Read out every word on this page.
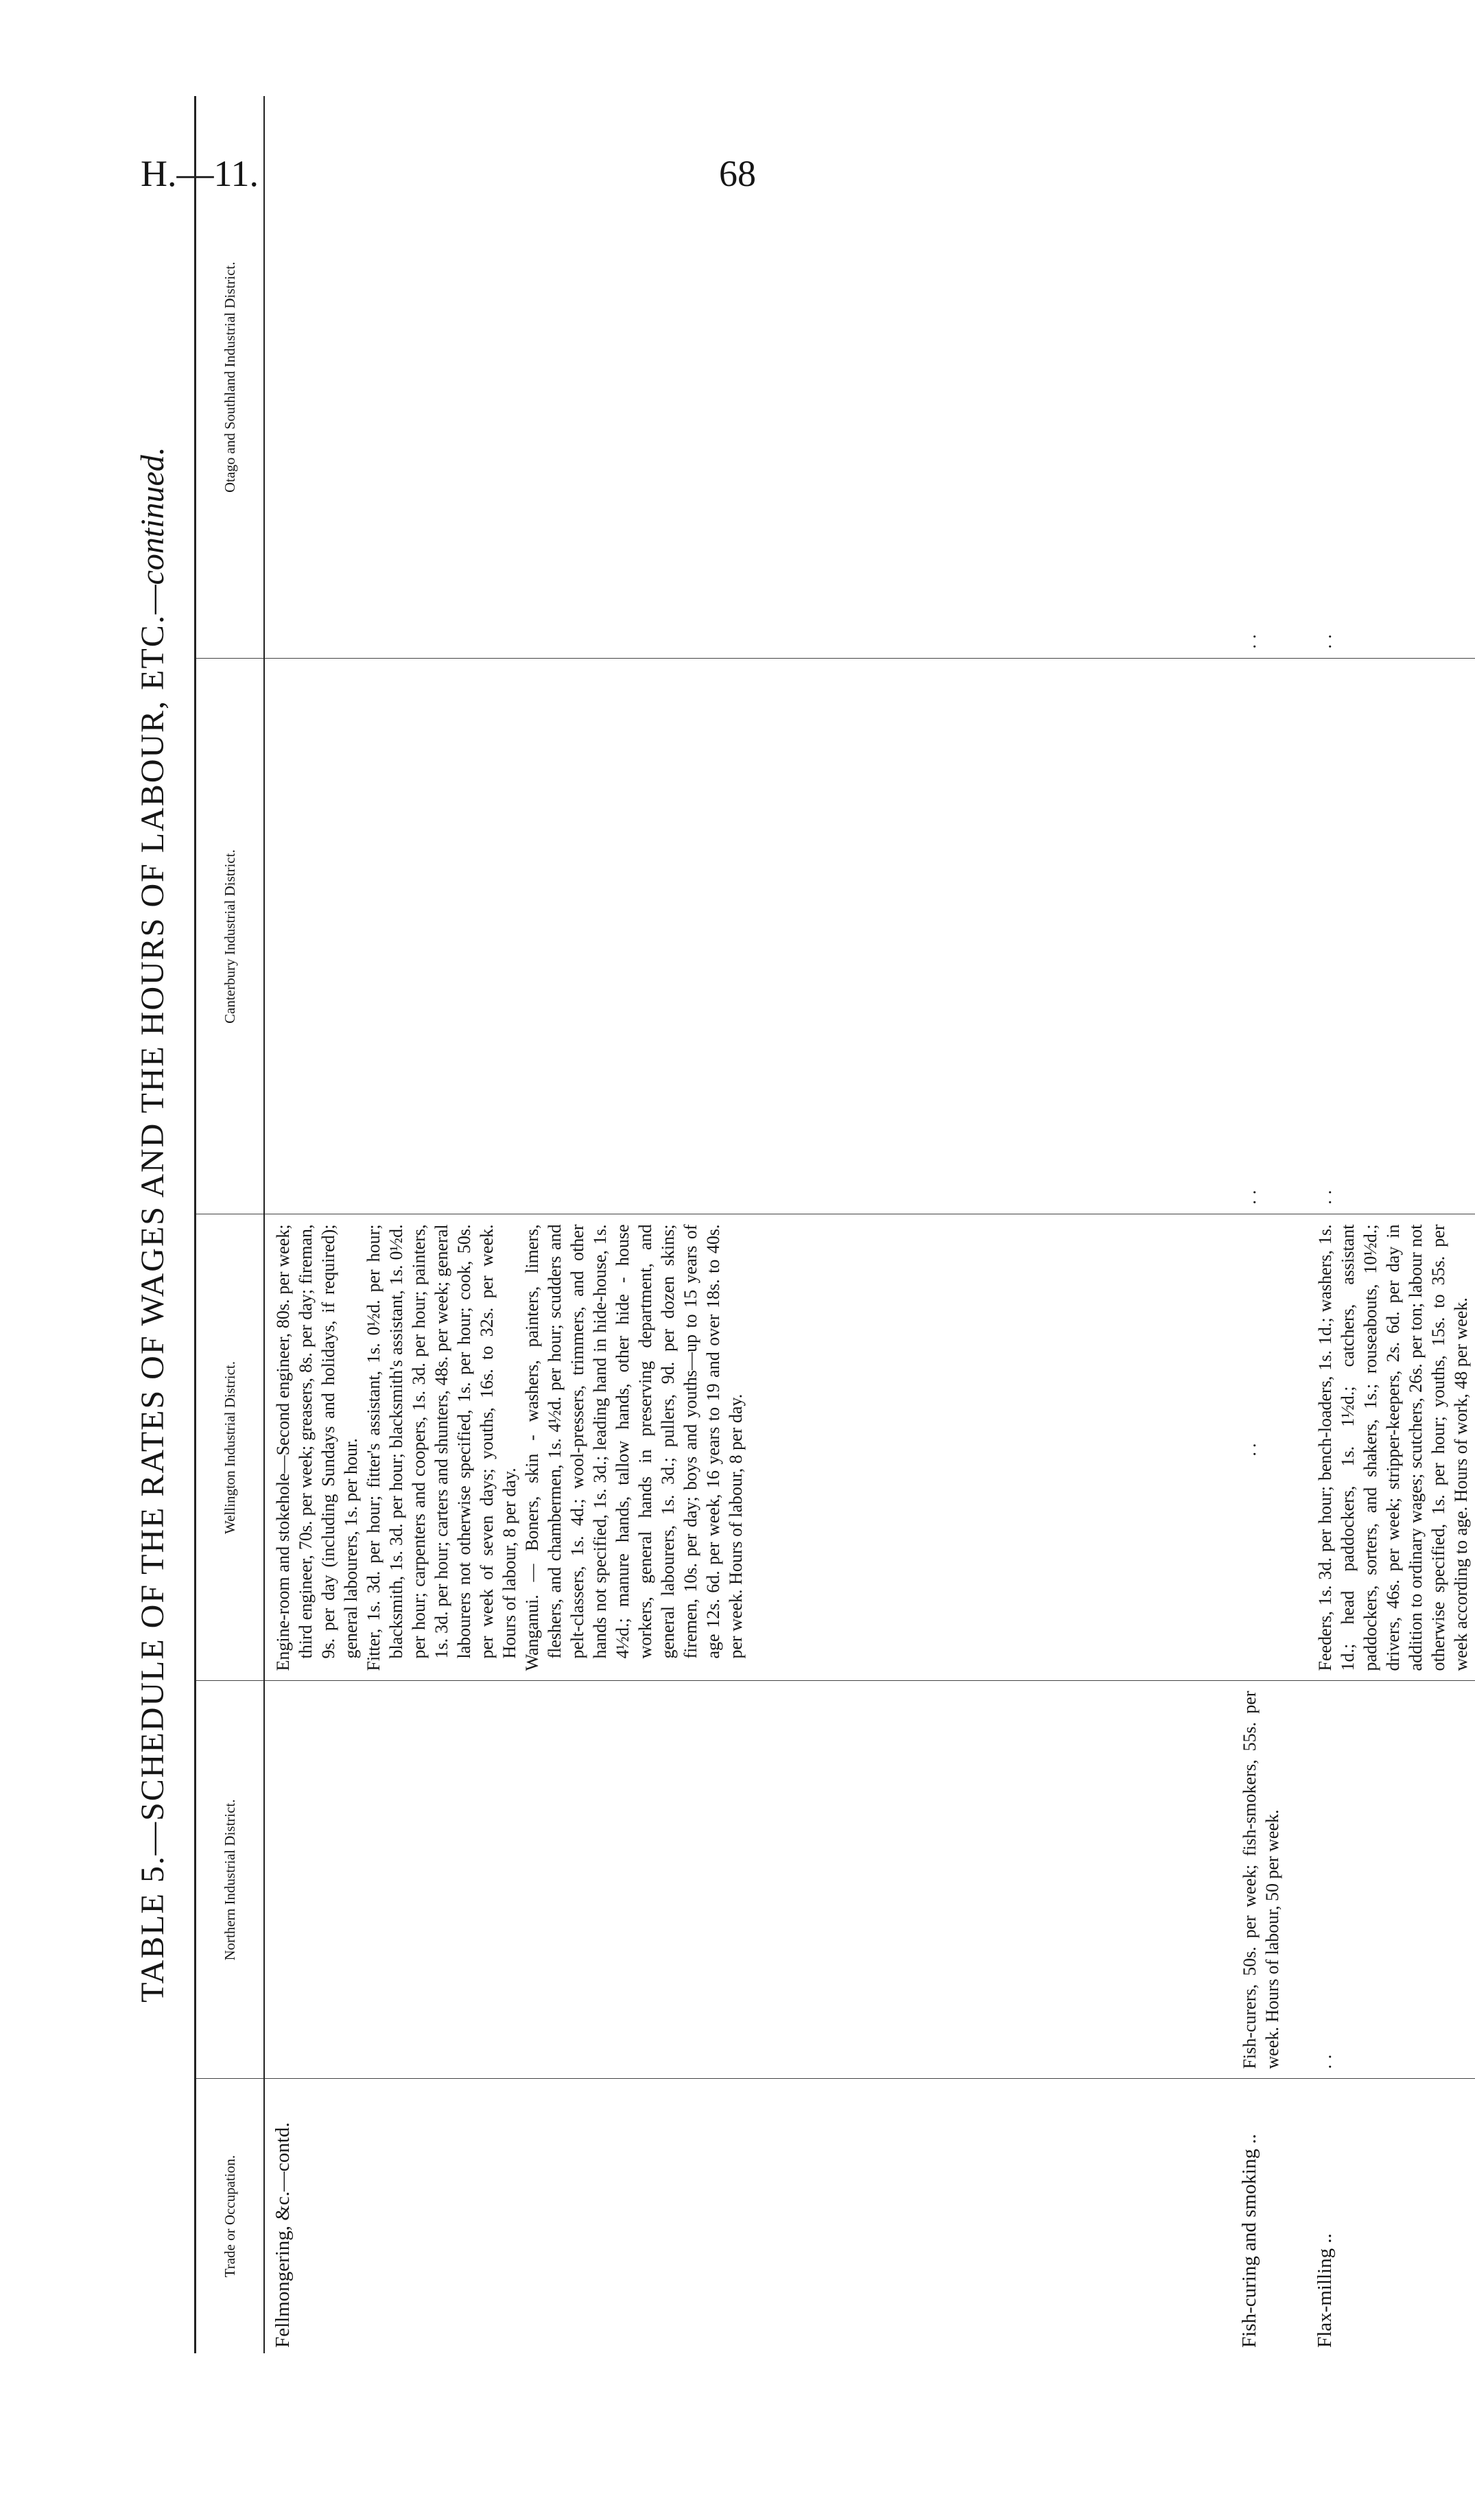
H.—11.	68
TABLE 5.—SCHEDULE OF THE RATES OF WAGES AND THE HOURS OF LABOUR, ETC.—continued.
Trade or Occupation.	Northern Industrial District.	Wellington Industrial District.	Canterbury Industrial District.	Otago and Southland Industrial District.
Fellmongering, &c.—contd.		Engine-room and stokehole—Second engineer, 80s. per week; third engineer, 70s. per week; greasers, 8s. per day; fireman, 9s. per day (including Sundays and holidays, if required); general labourers, 1s. per hour. Fitter, 1s. 3d. per hour; fitter's assistant, 1s. 0½d. per hour; blacksmith, 1s. 3d. per hour; blacksmith's assistant, 1s. 0½d. per hour; carpenters and coopers, 1s. 3d. per hour; painters, 1s. 3d. per hour; carters and shunters, 48s. per week; general labourers not otherwise specified, 1s. per hour; cook, 50s. per week of seven days; youths, 16s. to 32s. per week. Hours of labour, 8 per day. Wanganui. — Boners, skin - washers, painters, limers, fleshers, and chambermen, 1s. 4½d. per hour; scudders and pelt-classers, 1s. 4d.; wool-pressers, trimmers, and other hands not specified, 1s. 3d.; leading hand in hide-house, 1s. 4½d.; manure hands, tallow hands, other hide - house workers, general hands in preserving department, and general labourers, 1s. 3d.; pullers, 9d. per dozen skins; firemen, 10s. per day; boys and youths—up to 15 years of age 12s. 6d. per week, 16 years to 19 and over 18s. to 40s. per week. Hours of labour, 8 per day.		

Fish-curing and smoking ..	Fish-curers, 50s. per week; fish-smokers, 55s. per week. Hours of labour, 50 per week.	..	..	..
Flax-milling ..	..	Feeders, 1s. 3d. per hour; bench-loaders, 1s. 1d.; washers, 1s. 1d.; head paddockers, 1s. 1½d.; catchers, assistant paddockers, sorters, and shakers, 1s.; rouseabouts, 10½d.; drivers, 46s. per week; stripper-keepers, 2s. 6d. per day in addition to ordinary wages; scutchers, 26s. per ton; labour not otherwise specified, 1s. per hour; youths, 15s. to 35s. per week according to age. Hours of work, 48 per week.	..	..
